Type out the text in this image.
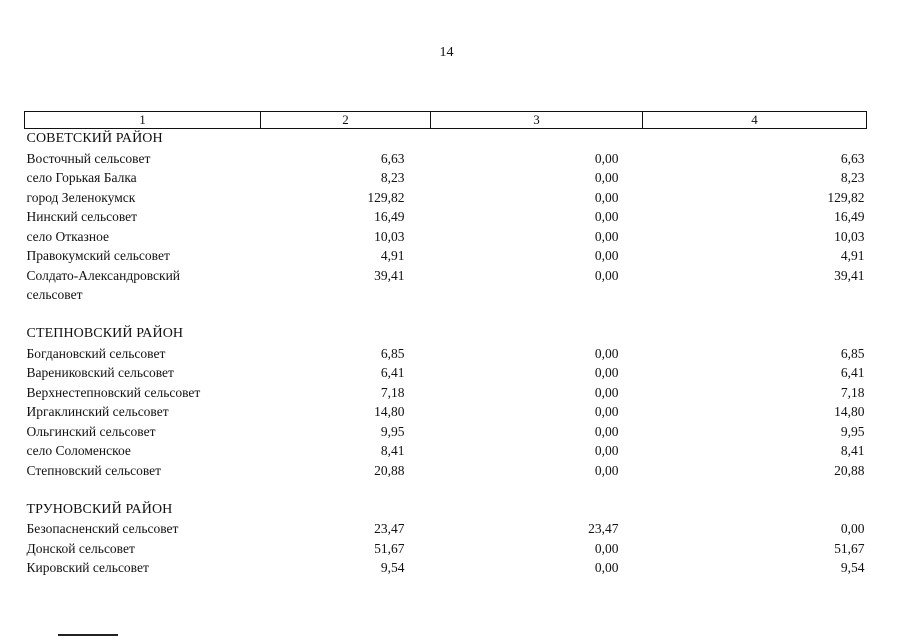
14
1	2	3	4
СОВЕТСКИЙ РАЙОН			
Восточный сельсовет	6,63	0,00	6,63
село Горькая Балка	8,23	0,00	8,23
город Зеленокумск	129,82	0,00	129,82
Нинский сельсовет	16,49	0,00	16,49
село Отказное	10,03	0,00	10,03
Правокумский сельсовет	4,91	0,00	4,91
Солдато-Александровский	39,41	0,00	39,41
сельсовет			

СТЕПНОВСКИЙ РАЙОН			
Богдановский сельсовет	6,85	0,00	6,85
Варениковский сельсовет	6,41	0,00	6,41
Верхнестепновский сельсовет	7,18	0,00	7,18
Иргаклинский сельсовет	14,80	0,00	14,80
Ольгинский сельсовет	9,95	0,00	9,95
село Соломенское	8,41	0,00	8,41
Степновский сельсовет	20,88	0,00	20,88

ТРУНОВСКИЙ РАЙОН			
Безопасненский сельсовет	23,47	23,47	0,00
Донской сельсовет	51,67	0,00	51,67
Кировский сельсовет	9,54	0,00	9,54
